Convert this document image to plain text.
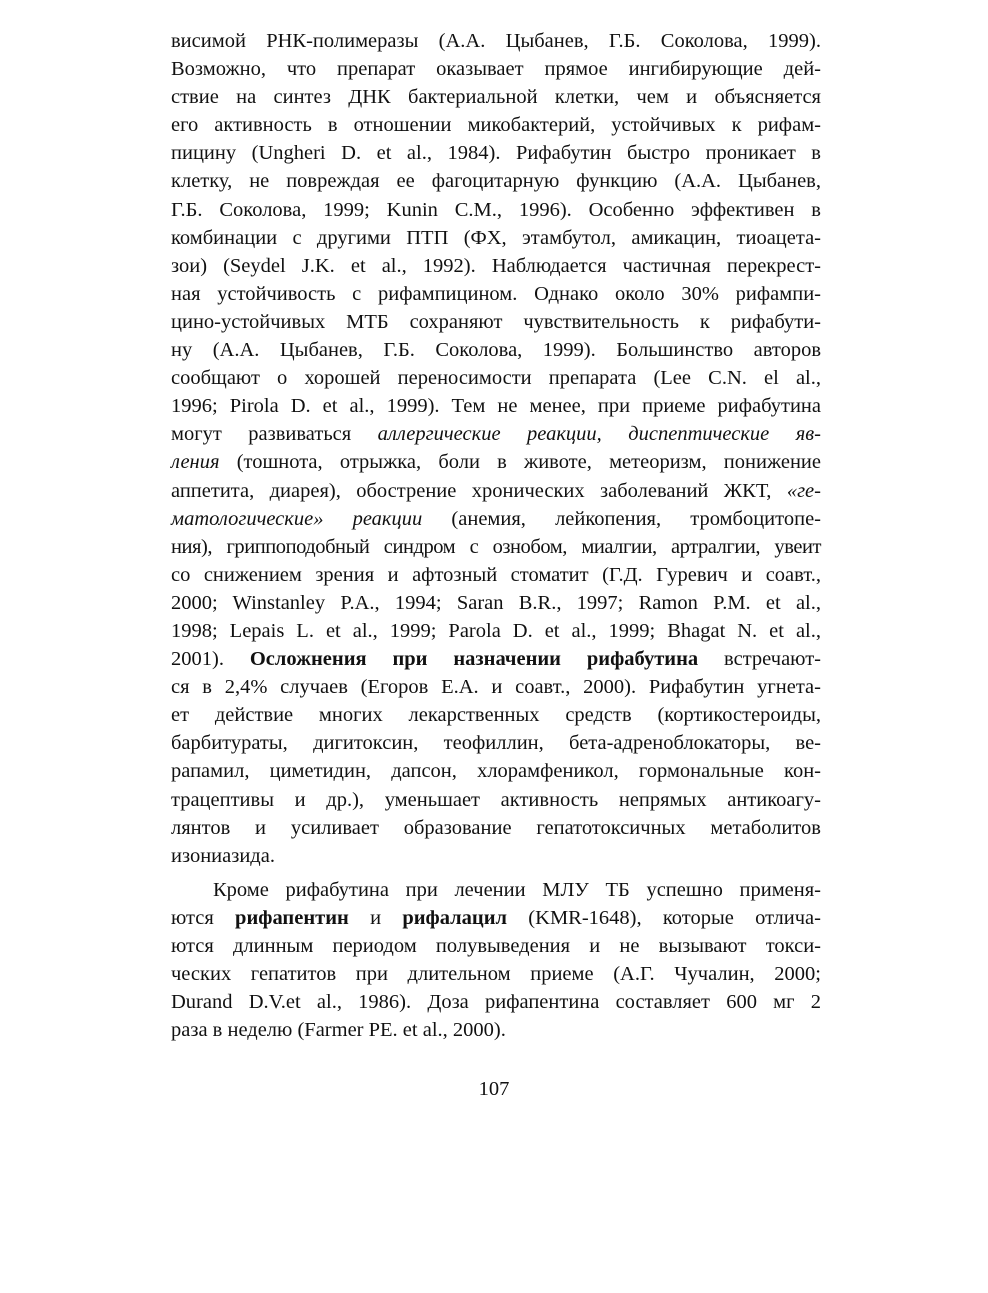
висимой РНК-полимеразы (А.А. Цыбанев, Г.Б. Соколова, 1999).
Возможно, что препарат оказывает прямое ингибирующие дей-
ствие на синтез ДНК бактериальной клетки, чем и объясняется
его активность в отношении микобактерий, устойчивых к рифам-
пицину (Ungheri D. et al., 1984). Рифабутин быстро проникает в
клетку, не повреждая ее фагоцитарную функцию (А.А. Цыбанев,
Г.Б. Соколова, 1999; Kunin C.M., 1996). Особенно эффективен в
комбинации с другими ПТП (ФХ, этамбутол, амикацин, тиоацета-
зои) (Seydel J.K. et al., 1992). Наблюдается частичная перекрест-
ная устойчивость с рифампицином. Однако около 30% рифампи-
цино-устойчивых МТБ сохраняют чувствительность к рифабути-
ну (А.А. Цыбанев, Г.Б. Соколова, 1999). Большинство авторов
сообщают о хорошей переносимости препарата (Lee C.N. el al.,
1996; Pirola D. et al., 1999). Тем не менее, при приеме рифабутина
могут развиваться аллергические реакции, диспептические яв-
ления (тошнота, отрыжка, боли в животе, метеоризм, понижение
аппетита, диарея), обострение хронических заболеваний ЖКТ, «ге-
матологические» реакции (анемия, лейкопения, тромбоцитопе-
ния), гриппоподобный синдром с ознобом, миалгии, артралгии, увеит
со снижением зрения и афтозный стоматит (Г.Д. Гуревич и соавт.,
2000; Winstanley P.A., 1994; Saran B.R., 1997; Ramon P.M. et al.,
1998; Lepais L. et al., 1999; Parola D. et al., 1999; Bhagat N. et al.,
2001). Осложнения при назначении рифабутина встречают-
ся в 2,4% случаев (Егоров Е.А. и соавт., 2000). Рифабутин угнета-
ет действие многих лекарственных средств (кортикостероиды,
барбитураты, дигитоксин, теофиллин, бета-адреноблокаторы, ве-
рапамил, циметидин, дапсон, хлорамфеникол, гормональные кон-
трацептивы и др.), уменьшает активность непрямых антикоагу-
лянтов и усиливает образование гепатотоксичных метаболитов
изониазида.
Кроме рифабутина при лечении МЛУ ТБ успешно применя-
ются рифапентин и рифалацил (KMR-1648), которые отлича-
ются длинным периодом полувыведения и не вызывают токси-
ческих гепатитов при длительном приеме (А.Г. Чучалин, 2000;
Durand D.V.et al., 1986). Доза рифапентина составляет 600 мг 2
раза в неделю (Farmer PE. et al., 2000).
107
